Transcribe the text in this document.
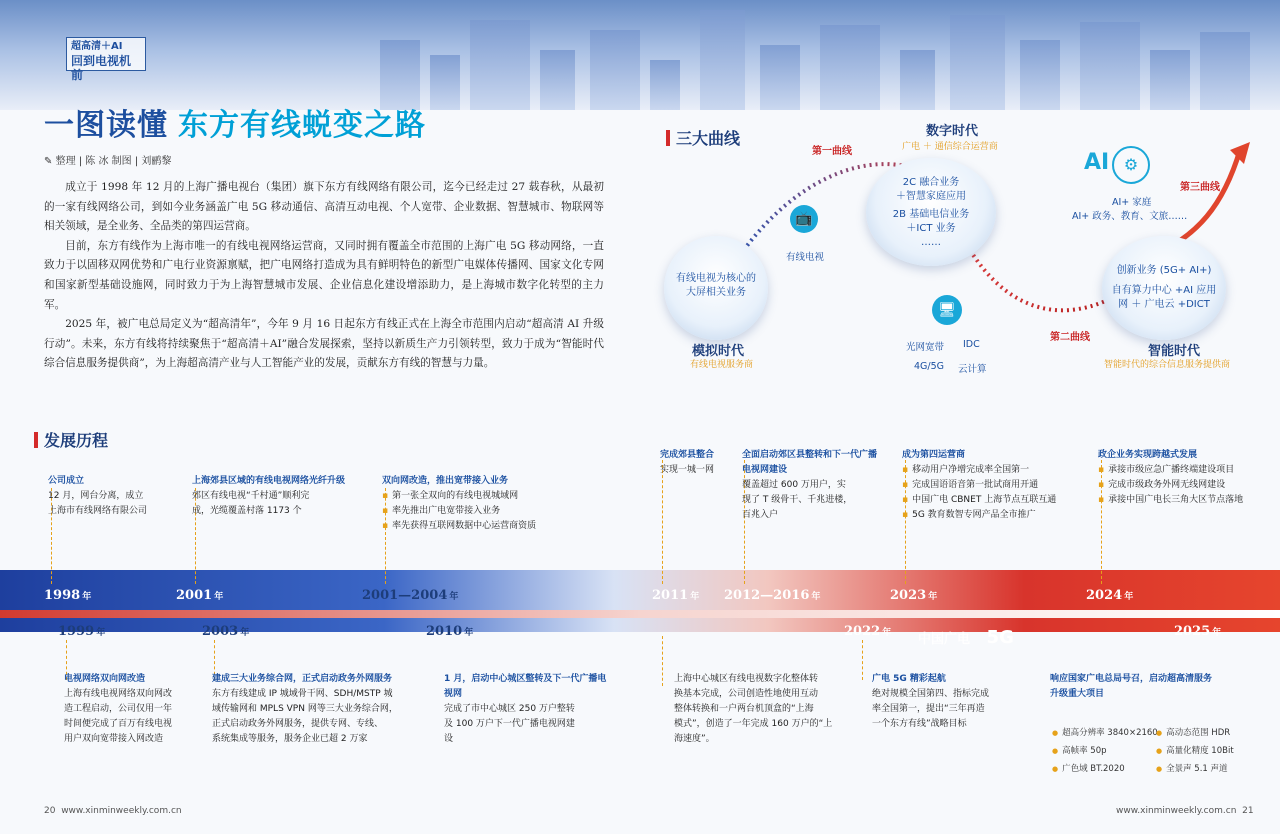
超高清＋AI
回到电视机前
一图读懂 东方有线蜕变之路
✎ 整理 | 陈 冰 制图 | 刘鹂黎

成立于 1998 年 12 月的上海广播电视台（集团）旗下东方有线网络有限公司，迄今已经走过 27 载春秋，从最初的一家有线网络公司，到如今业务涵盖广电 5G 移动通信、高清互动电视、个人宽带、企业数据、智慧城市、物联网等相关领域，是全业务、全品类的第四运营商。

目前，东方有线作为上海市唯一的有线电视网络运营商，又同时拥有覆盖全市范围的上海广电 5G 移动网络，一直致力于以固移双网优势和广电行业资源禀赋，把广电网络打造成为具有鲜明特色的新型广电媒体传播网、国家文化专网和国家新型基础设施网，同时致力于为上海智慧城市发展、企业信息化建设增添助力，是上海城市数字化转型的主力军。

2025 年，被广电总局定义为“超高清年”，今年 9 月 16 日起东方有线正式在上海全市范围内启动“超高清 AI 升级行动”。未来，东方有线将持续聚焦于“超高清＋AI”融合发展探索，坚持以新质生产力引领转型，致力于成为“智能时代综合信息服务提供商”，为上海超高清产业与人工智能产业的发展，贡献东方有线的智慧与力量。

三大曲线
第一曲线
第二曲线
第三曲线
有线电视为核心的
大屏相关业务
模拟时代
有线电视服务商
📺
有线电视
2C 融合业务
＋智慧家庭应用
2B 基础电信业务
＋ICT 业务
……
数字时代
广电 ＋ 通信综合运营商
🖥
光网宽带 IDC
4G/5G 云计算
创新业务 (5G+ AI+)
自有算力中心 +AI 应用
网 ＋ 广电云 +DICT
智能时代
智能时代的综合信息服务提供商
AI ⚙
AI+ 家庭
AI+ 政务、教育、文旅……
发展历程
1998 年	2001 年	2001—2004 年	2011 年 2012—2016 年	2023 年	2024 年
1999 年	2003 年	2010 年	2022 年	2025 年
中国广电 5G
公司成立
12 月，网台分离，成立
上海市有线网络有限公司
上海郊县区域的有线电视网络光纤升级
郊区有线电视“千村通”顺利完
成，光缆覆盖村落 1173 个
双向网改造，推出宽带接入业务
▪ 第一张全双向的有线电视城域网
▪ 率先推出广电宽带接入业务
▪ 率先获得互联网数据中心运营商资质
完成郊县整合
实现一城一网
全面启动郊区县整转和下一代广播电视网建设
覆盖超过 600 万用户，实
现了 T 级骨干、千兆进楼，
百兆入户
成为第四运营商
▪ 移动用户净增完成率全国第一
▪ 完成国语语音第一批试商用开通
▪ 中国广电 CBNET 上海节点互联互通
▪ 5G 教育数智专网产品全市推广
政企业务实现跨越式发展
▪ 承接市级应急广播终端建设项目
▪ 完成市级政务外网无线网建设
▪ 承接中国广电长三角大区节点落地
电视网络双向网改造
上海有线电视网络双向网改
造工程启动，公司仅用一年
时间便完成了百万有线电视
用户双向宽带接入网改造
建成三大业务综合网，正式启动政务外网服务
东方有线建成 IP 城域骨干网、SDH/MSTP 城
域传输网和 MPLS VPN 网等三大业务综合网，
正式启动政务外网服务，提供专网、专线、
系统集成等服务，服务企业已超 2 万家
1 月，启动中心城区整转及下一代广播电视网
完成了市中心城区 250 万户整转
及 100 万户下一代广播电视网建
设
上海中心城区有线电视数字化整体转
换基本完成，公司创造性地使用互动
整体转换和一户两台机顶盒的“上海
模式”，创造了一年完成 160 万户的“上
海速度”。
广电 5G 精彩起航
绝对规模全国第四、指标完成
率全国第一，提出“三年再造
一个东方有线”战略目标
响应国家广电总局号召，启动超高清服务升级重大项目
● 超高分辨率 3840×2160 ● 高动态范围 HDR
● 高帧率 50p	● 高量化精度 10Bit
● 广色域 BT.2020	● 全景声 5.1 声道
20 www.xinminweekly.com.cn	www.xinminweekly.com.cn 21
